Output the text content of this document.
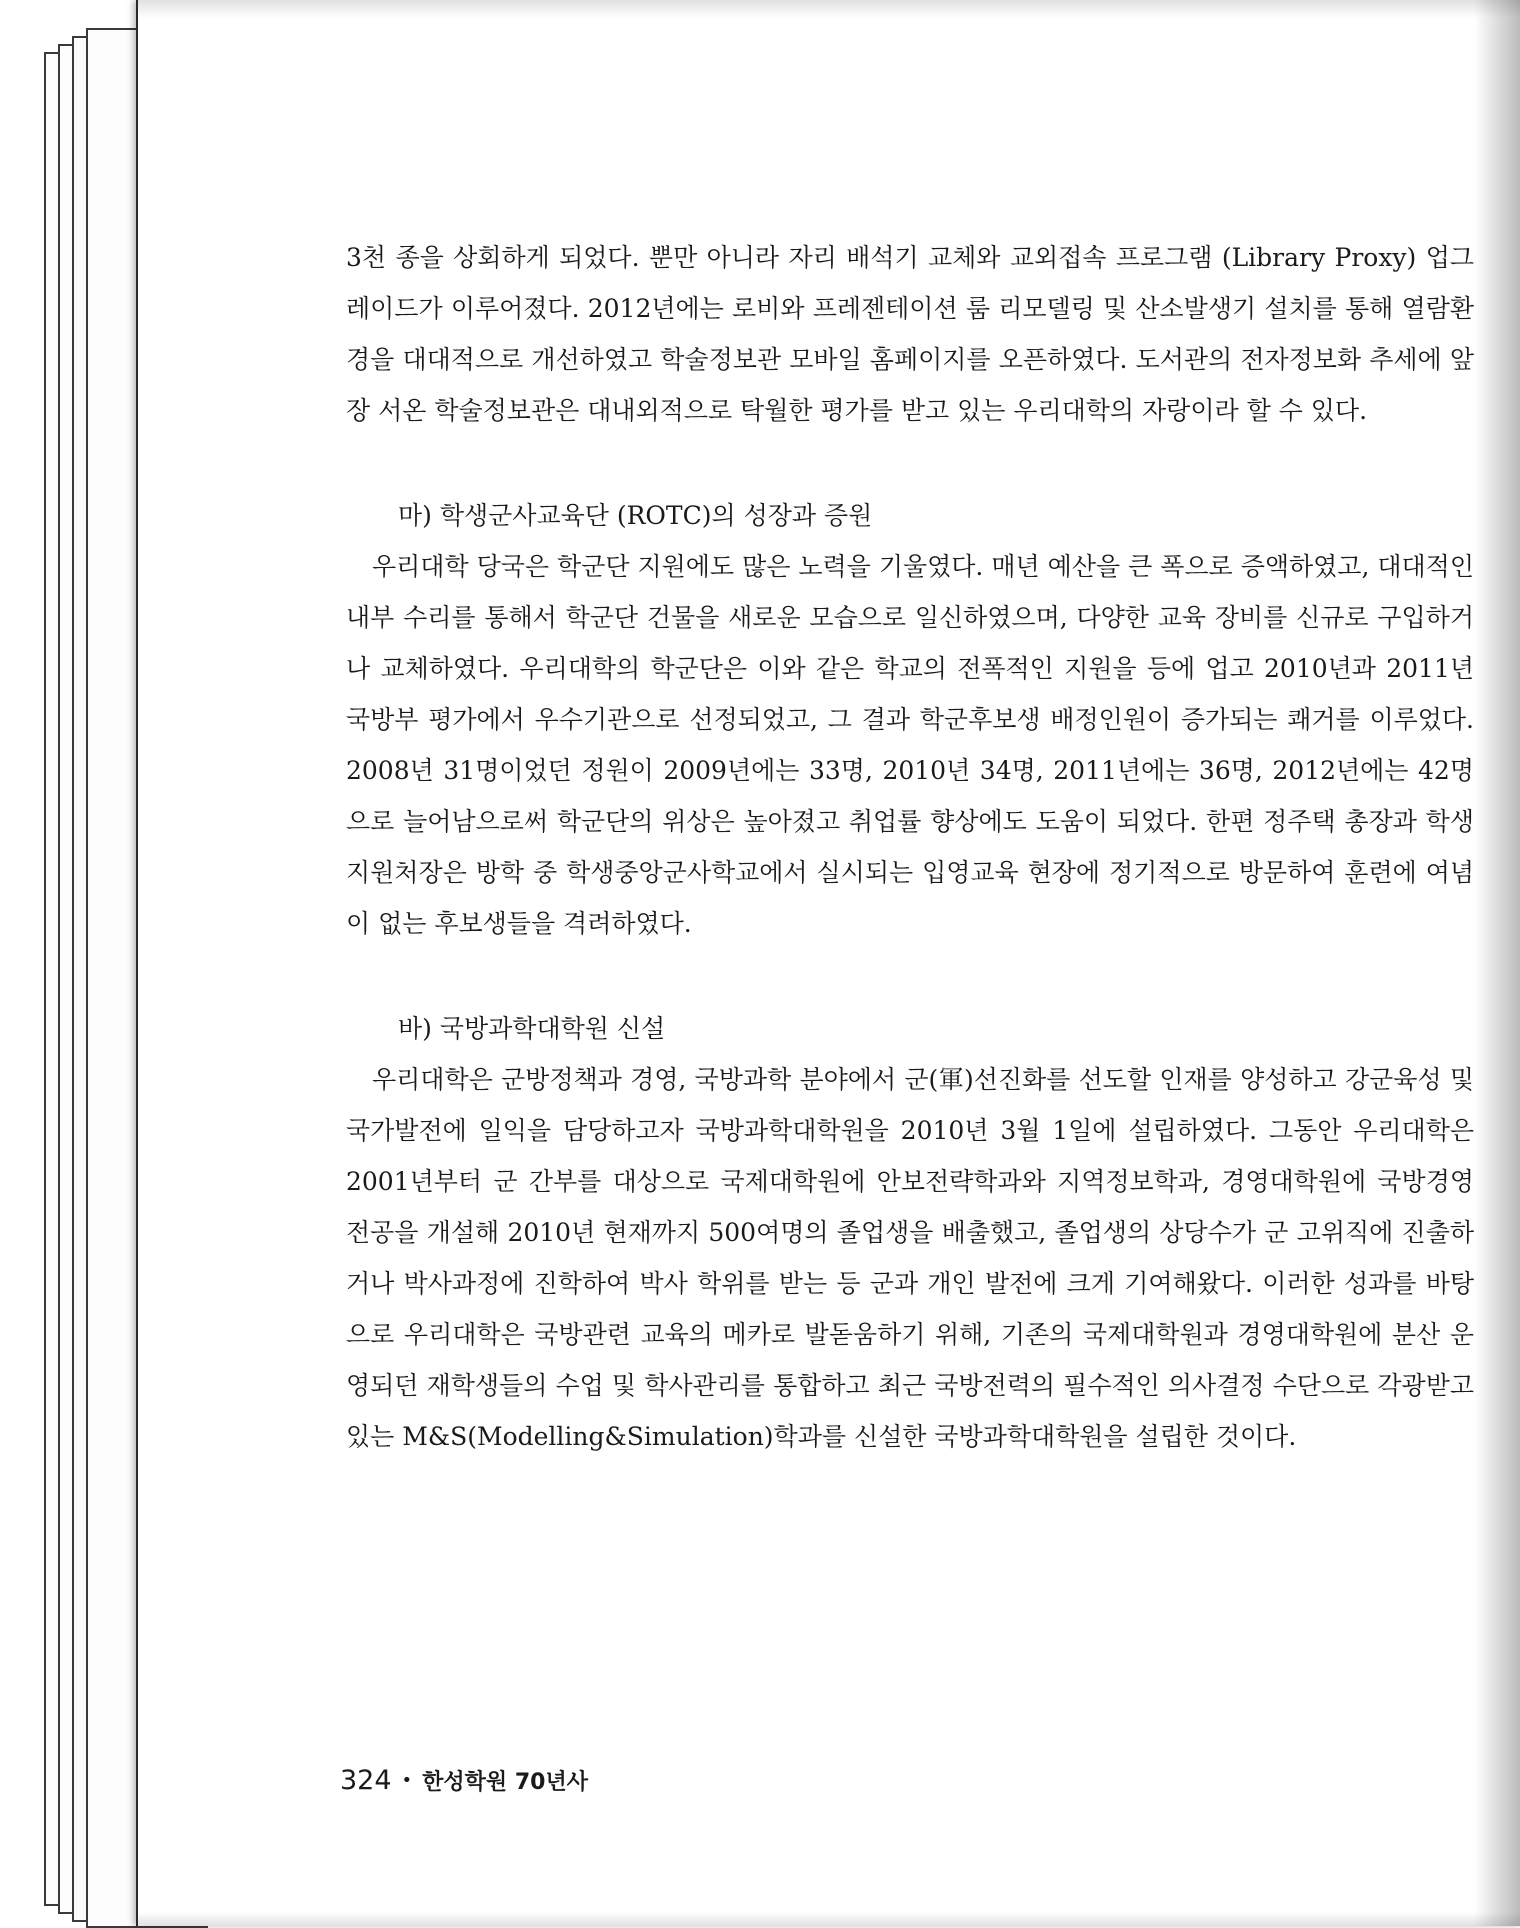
3천 종을 상회하게 되었다. 뿐만 아니라 자리 배석기 교체와 교외접속 프로그램 (Library Proxy) 업그레이드가 이루어졌다. 2012년에는 로비와 프레젠테이션 룸 리모델링 및 산소발생기 설치를 통해 열람환경을 대대적으로 개선하였고 학술정보관 모바일 홈페이지를 오픈하였다. 도서관의 전자정보화 추세에 앞장 서온 학술정보관은 대내외적으로 탁월한 평가를 받고 있는 우리대학의 자랑이라 할 수 있다.

마) 학생군사교육단 (ROTC)의 성장과 증원

우리대학 당국은 학군단 지원에도 많은 노력을 기울였다. 매년 예산을 큰 폭으로 증액하였고, 대대적인 내부 수리를 통해서 학군단 건물을 새로운 모습으로 일신하였으며, 다양한 교육 장비를 신규로 구입하거나 교체하였다. 우리대학의 학군단은 이와 같은 학교의 전폭적인 지원을 등에 업고 2010년과 2011년 국방부 평가에서 우수기관으로 선정되었고, 그 결과 학군후보생 배정인원이 증가되는 쾌거를 이루었다. 2008년 31명이었던 정원이 2009년에는 33명, 2010년 34명, 2011년에는 36명, 2012년에는 42명으로 늘어남으로써 학군단의 위상은 높아졌고 취업률 향상에도 도움이 되었다. 한편 정주택 총장과 학생지원처장은 방학 중 학생중앙군사학교에서 실시되는 입영교육 현장에 정기적으로 방문하여 훈련에 여념이 없는 후보생들을 격려하였다.

바) 국방과학대학원 신설

우리대학은 군방정책과 경영, 국방과학 분야에서 군(軍)선진화를 선도할 인재를 양성하고 강군육성 및 국가발전에 일익을 담당하고자 국방과학대학원을 2010년 3월 1일에 설립하였다. 그동안 우리대학은 2001년부터 군 간부를 대상으로 국제대학원에 안보전략학과와 지역정보학과, 경영대학원에 국방경영 전공을 개설해 2010년 현재까지 500여명의 졸업생을 배출했고, 졸업생의 상당수가 군 고위직에 진출하거나 박사과정에 진학하여 박사 학위를 받는 등 군과 개인 발전에 크게 기여해왔다. 이러한 성과를 바탕으로 우리대학은 국방관련 교육의 메카로 발돋움하기 위해, 기존의 국제대학원과 경영대학원에 분산 운영되던 재학생들의 수업 및 학사관리를 통합하고 최근 국방전력의 필수적인 의사결정 수단으로 각광받고 있는 M&S(Modelling&Simulation)학과를 신설한 국방과학대학원을 설립한 것이다.

324 • 한성학원 70년사
